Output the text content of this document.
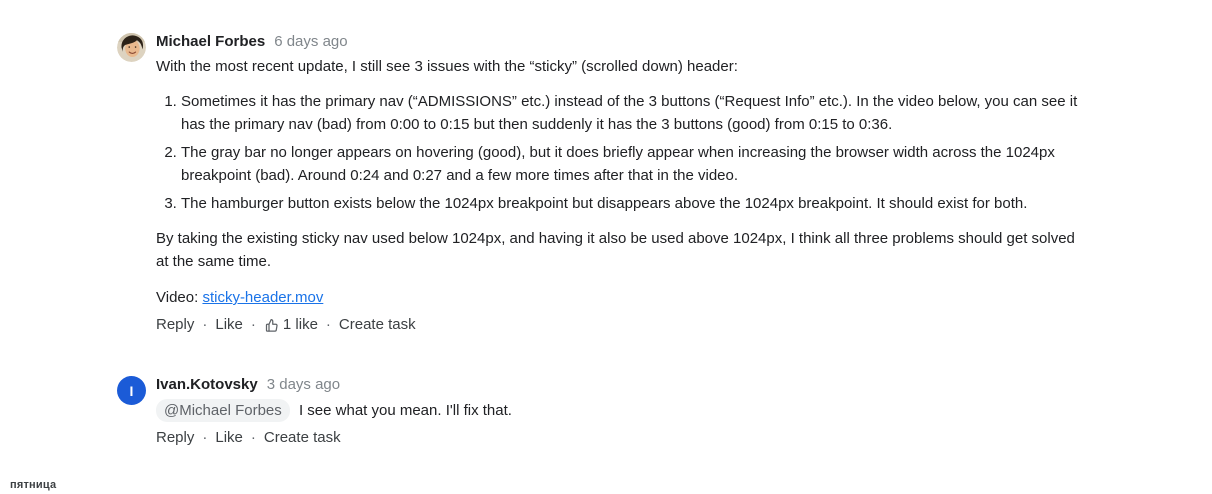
Michael Forbes 6 days ago
With the most recent update, I still see 3 issues with the “sticky” (scrolled down) header:
1. Sometimes it has the primary nav (“ADMISSIONS” etc.) instead of the 3 buttons (“Request Info” etc.). In the video below, you can see it has the primary nav (bad) from 0:00 to 0:15 but then suddenly it has the 3 buttons (good) from 0:15 to 0:36.
2. The gray bar no longer appears on hovering (good), but it does briefly appear when increasing the browser width across the 1024px breakpoint (bad). Around 0:24 and 0:27 and a few more times after that in the video.
3. The hamburger button exists below the 1024px breakpoint but disappears above the 1024px breakpoint. It should exist for both.
By taking the existing sticky nav used below 1024px, and having it also be used above 1024px, I think all three problems should get solved at the same time.
Video: sticky-header.mov
Reply	· Like	· 1 like	· Create task
I	Ivan.Kotovsky 3 days ago
@Michael Forbes I see what you mean. I'll fix that.
Reply	· Like	· Create task
пятница
